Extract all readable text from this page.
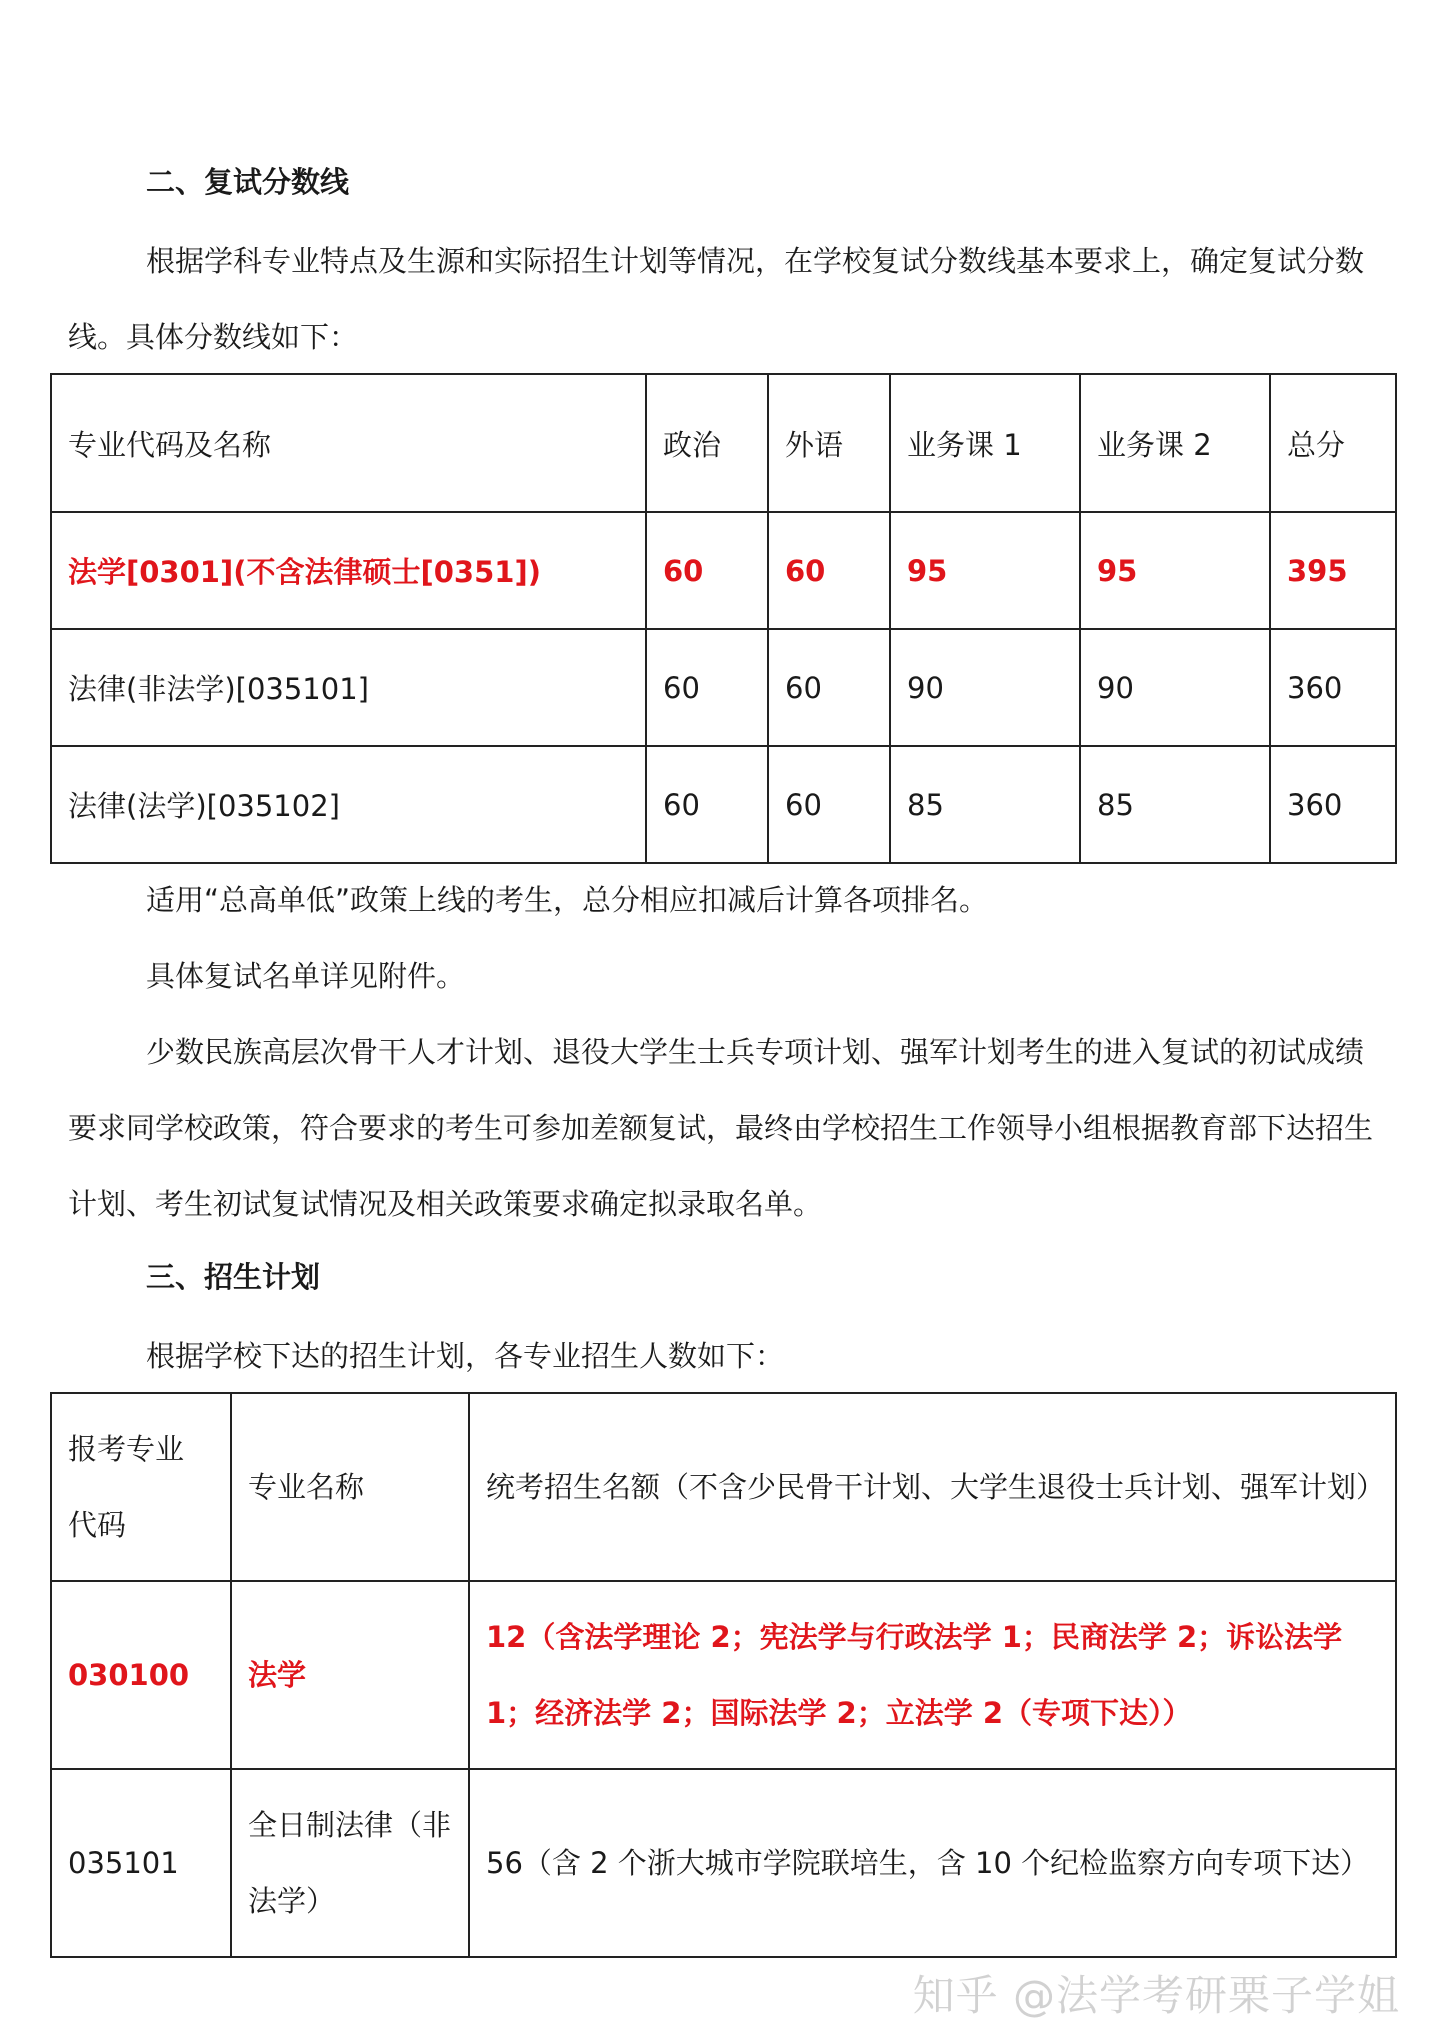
二、复试分数线

根据学科专业特点及生源和实际招生计划等情况，在学校复试分数线基本要求上，确定复试分数线。具体分数线如下：

专业代码及名称	政治	外语	业务课 1	业务课 2	总分
法学[0301](不含法律硕士[0351])	60	60	95	95	395
法律(非法学)[035101]	60	60	90	90	360
法律(法学)[035102]	60	60	85	85	360

适用“总高单低”政策上线的考生，总分相应扣减后计算各项排名。

具体复试名单详见附件。

少数民族高层次骨干人才计划、退役大学生士兵专项计划、强军计划考生的进入复试的初试成绩要求同学校政策，符合要求的考生可参加差额复试，最终由学校招生工作领导小组根据教育部下达招生计划、考生初试复试情况及相关政策要求确定拟录取名单。

三、招生计划

根据学校下达的招生计划，各专业招生人数如下：

报考专业代码	专业名称	统考招生名额（不含少民骨干计划、大学生退役士兵计划、强军计划）
030100	法学	12（含法学理论 2；宪法学与行政法学 1；民商法学 2；诉讼法学 1；经济法学 2；国际法学 2；立法学 2（专项下达））
035101	全日制法律（非法学）	56（含 2 个浙大城市学院联培生，含 10 个纪检监察方向专项下达）
知乎 @法学考研栗子学姐
